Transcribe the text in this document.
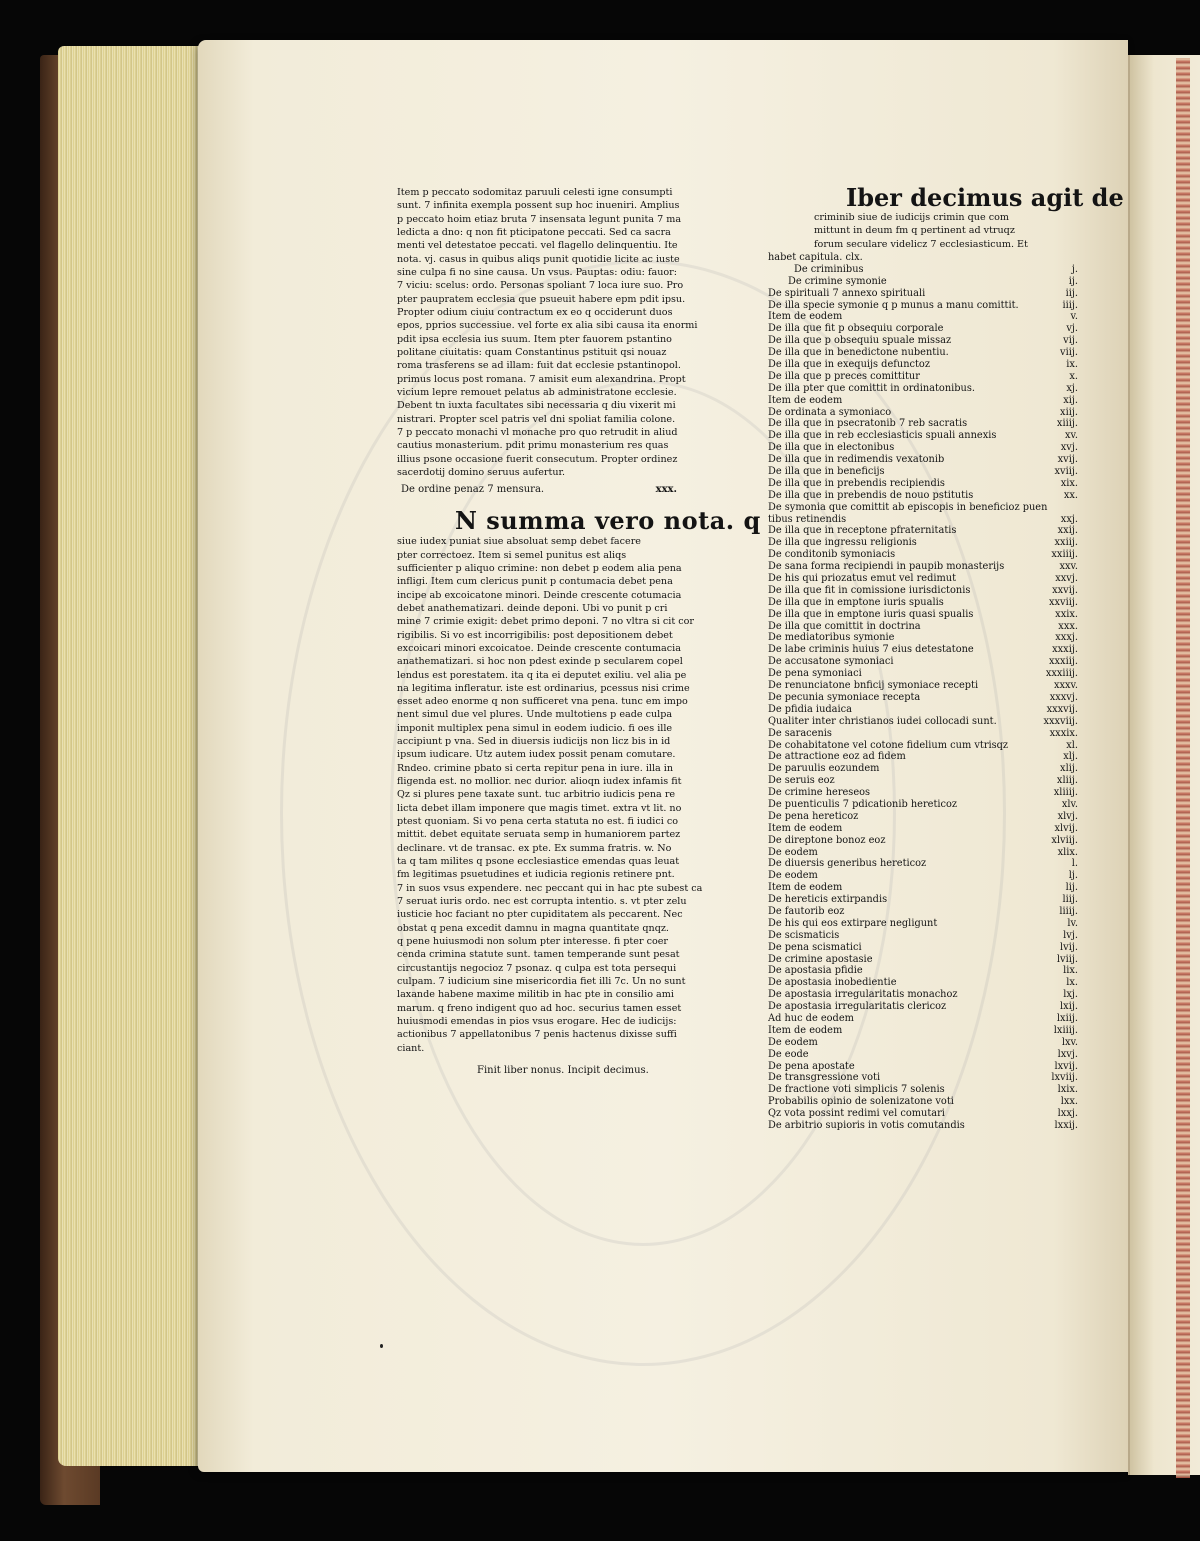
Item p peccato sodomitaz paruuli celesti igne consumpti
sunt. 7 infinita exempla possent sup hoc inueniri. Amplius
p peccato hoim etiaz bruta 7 insensata legunt punita 7 ma
ledicta a dno: q non fit pticipatone peccati. Sed ca sacra
menti vel detestatoe peccati. vel flagello delinquentiu. Ite
nota. vj. casus in quibus aliqs punit quotidie licite ac iuste
sine culpa fi no sine causa. Un vsus. Pauptas: odiu: fauor:
7 viciu: scelus: ordo. Personas spoliant 7 loca iure suo. Pro
pter paupratem ecclesia que psueuit habere epm pdit ipsu.
Propter odium ciuiu contractum ex eo q occiderunt duos
epos, pprios successiue. vel forte ex alia sibi causa ita enormi
pdit ipsa ecclesia ius suum. Item pter fauorem pstantino
politane ciuitatis: quam Constantinus pstituit qsi nouaz
roma trasferens se ad illam: fuit dat ecclesie pstantinopol.
primus locus post romana. 7 amisit eum alexandrina. Propt
vicium lepre remouet pelatus ab administratone ecclesie.
Debent tn iuxta facultates sibi necessaria q diu vixerit mi
nistrari. Propter scel patris vel dni spoliat familia colone.
7 p peccato monachi vl monache pro quo retrudit in aliud
cautius monasterium. pdit primu monasterium res quas
illius psone occasione fuerit consecutum. Propter ordinez
sacerdotij domino seruus aufertur.
De ordine penaz 7 mensura.	xxx.
N summa vero nota. q
siue iudex puniat siue absoluat semp debet facere
pter correctoez. Item si semel punitus est aliqs
sufficienter p aliquo crimine: non debet p eodem alia pena
infligi. Item cum clericus punit p contumacia debet pena
incipe ab excoicatone minori. Deinde crescente cotumacia
debet anathematizari. deinde deponi. Ubi vo punit p cri
mine 7 crimie exigit: debet primo deponi. 7 no vltra si cit cor
rigibilis. Si vo est incorrigibilis: post depositionem debet
excoicari minori excoicatoe. Deinde crescente contumacia
anathematizari. si hoc non pdest exinde p secularem copel
lendus est porestatem. ita q ita ei deputet exiliu. vel alia pe
na legitima infleratur. iste est ordinarius, pcessus nisi crime
esset adeo enorme q non sufficeret vna pena. tunc em impo
nent simul due vel plures. Unde multotiens p eade culpa
imponit multiplex pena simul in eodem iudicio. fi oes ille
accipiunt p vna. Sed in diuersis iudicijs non licz bis in id
ipsum iudicare. Utz autem iudex possit penam comutare.
Rndeo. crimine pbato si certa repitur pena in iure. illa in
fligenda est. no mollior. nec durior. alioqn iudex infamis fit
Qz si plures pene taxate sunt. tuc arbitrio iudicis pena re
licta debet illam imponere que magis timet. extra vt lit. no
ptest quoniam. Si vo pena certa statuta no est. fi iudici co
mittit. debet equitate seruata semp in humaniorem partez
declinare. vt de transac. ex pte. Ex summa fratris. w. No
ta q tam milites q psone ecclesiastice emendas quas leuat
fm legitimas psuetudines et iudicia regionis retinere pnt.
7 in suos vsus expendere. nec peccant qui in hac pte subest ca
7 seruat iuris ordo. nec est corrupta intentio. s. vt pter zelu
iusticie hoc faciant no pter cupiditatem als peccarent. Nec
obstat q pena excedit damnu in magna quantitate qnqz.
q pene huiusmodi non solum pter interesse. fi pter coer
cenda crimina statute sunt. tamen temperande sunt pesat
circustantijs negocioz 7 psonaz. q culpa est tota persequi
culpam. 7 iudicium sine misericordia fiet illi 7c. Un no sunt
laxande habene maxime militib in hac pte in consilio ami
marum. q freno indigent quo ad hoc. securius tamen esset
huiusmodi emendas in pios vsus erogare. Hec de iudicijs:
actionibus 7 appellatonibus 7 penis hactenus dixisse suffi
ciant.
Finit liber nonus. Incipit decimus.
Iber decimus agit de
criminib siue de iudicijs crimin que com
mittunt in deum fm q pertinent ad vtruqz
forum seculare videlicz 7 ecclesiasticum. Et
habet capitula. clx.
De criminibus	j.
De crimine symonie	ij.
De spirituali 7 annexo spirituali	iij.
De illa specie symonie q p munus a manu comittit.	iiij.
Item de eodem	v.
De illa que fit p obsequiu corporale	vj.
De illa que p obsequiu spuale missaz	vij.
De illa que in benedictone nubentiu.	viij.
De illa que in exequijs defunctoz	ix.
De illa que p preces comittitur	x.
De illa pter que comittit in ordinatonibus.	xj.
Item de eodem	xij.
De ordinata a symoniaco	xiij.
De illa que in psecratonib 7 reb sacratis	xiiij.
De illa que in reb ecclesiasticis spuali annexis	xv.
De illa que in electonibus	xvj.
De illa que in redimendis vexatonib	xvij.
De illa que in beneficijs	xviij.
De illa que in prebendis recipiendis	xix.
De illa que in prebendis de nouo pstitutis	xx.
De symonia que comittit ab episcopis in beneficioz puen
tibus retinendis	xxj.
De illa que in receptone pfraternitatis	xxij.
De illa que ingressu religionis	xxiij.
De conditonib symoniacis	xxiiij.
De sana forma recipiendi in paupib monasterijs	xxv.
De his qui priozatus emut vel redimut	xxvj.
De illa que fit in comissione iurisdictonis	xxvij.
De illa que in emptone iuris spualis	xxviij.
De illa que in emptone iuris quasi spualis	xxix.
De illa que comittit in doctrina	xxx.
De mediatoribus symonie	xxxj.
De labe criminis huius 7 eius detestatone	xxxij.
De accusatone symoniaci	xxxiij.
De pena symoniaci	xxxiiij.
De renunciatone bnficij symoniace recepti	xxxv.
De pecunia symoniace recepta	xxxvj.
De pfidia iudaica	xxxvij.
Qualiter inter christianos iudei collocadi sunt.	xxxviij.
De saracenis	xxxix.
De cohabitatone vel cotone fidelium cum vtrisqz	xl.
De attractione eoz ad fidem	xlj.
De paruulis eozundem	xlij.
De seruis eoz	xliij.
De crimine hereseos	xliiij.
De puenticulis 7 pdicationib hereticoz	xlv.
De pena hereticoz	xlvj.
Item de eodem	xlvij.
De direptone bonoz eoz	xlviij.
De eodem	xlix.
De diuersis generibus hereticoz	l.
De eodem	lj.
Item de eodem	lij.
De hereticis extirpandis	liij.
De fautorib eoz	liiij.
De his qui eos extirpare negligunt	lv.
De scismaticis	lvj.
De pena scismatici	lvij.
De crimine apostasie	lviij.
De apostasia pfidie	lix.
De apostasia inobedientie	lx.
De apostasia irregularitatis monachoz	lxj.
De apostasia irregularitatis clericoz	lxij.
Ad huc de eodem	lxiij.
Item de eodem	lxiiij.
De eodem	lxv.
De eode	lxvj.
De pena apostate	lxvij.
De transgressione voti	lxviij.
De fractione voti simplicis 7 solenis	lxix.
Probabilis opinio de solenizatone voti	lxx.
Qz vota possint redimi vel comutari	lxxj.
De arbitrio supioris in votis comutandis	lxxij.
